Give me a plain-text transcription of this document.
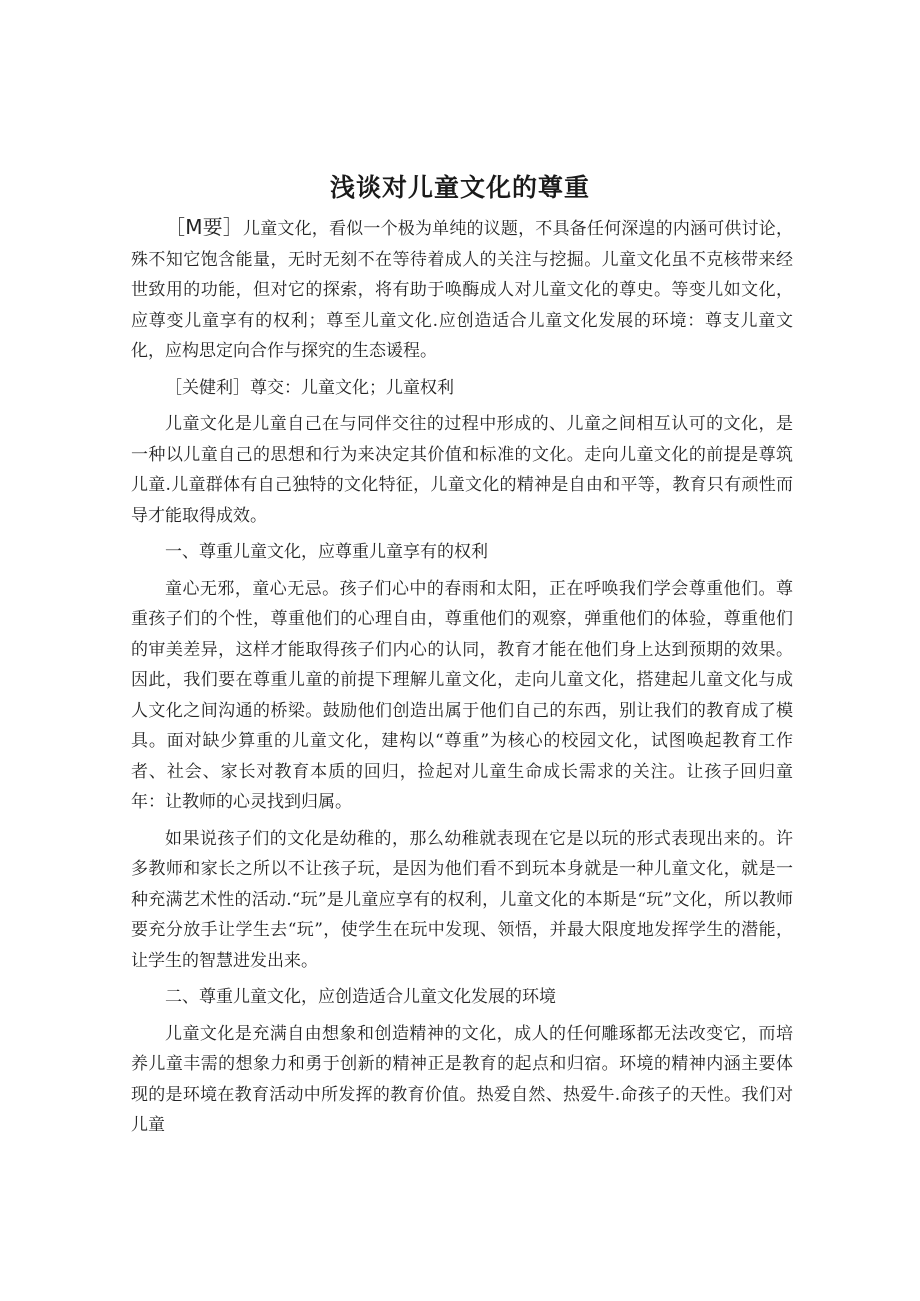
浅谈对儿童文化的尊重

［M要］儿童文化，看似一个极为单纯的议题，不具备任何深遑的内涵可供讨论，殊不知它饱含能量，无时无刻不在等待着成人的关注与挖掘。儿童文化虽不克核带来经世致用的功能，但对它的探索，将有助于唤酶成人对儿童文化的尊史。等变儿如文化，应尊变儿童享有的权利；尊至儿童文化.应创造适合儿童文化发展的环境：尊支儿童文化，应构思定向合作与探究的生态谖程。

［关健利］尊交：儿童文化；儿童权利

儿童文化是儿童自己在与同伴交往的过程中形成的、儿童之间相互认可的文化，是一种以儿童自己的思想和行为来决定其价值和标准的文化。走向儿童文化的前提是尊筑儿童.儿童群体有自己独特的文化特征，儿童文化的精神是自由和平等，教育只有顽性而导才能取得成效。

一、尊重儿童文化，应尊重儿童享有的权利

童心无邪，童心无忌。孩子们心中的春雨和太阳，正在呼唤我们学会尊重他们。尊重孩子们的个性，尊重他们的心理自由，尊重他们的观察，弹重他们的体验，尊重他们的审美差异，这样才能取得孩子们内心的认同，教育才能在他们身上达到预期的效果。因此，我们要在尊重儿童的前提下理解儿童文化，走向儿童文化，搭建起儿童文化与成人文化之间沟通的桥梁。鼓励他们创造出属于他们自己的东西，别让我们的教育成了模具。面对缺少算重的儿童文化，建构以“尊重”为核心的校园文化，试图唤起教育工作者、社会、家长对教育本质的回归，捡起对儿童生命成长需求的关注。让孩子回归童年：让教师的心灵找到归属。

如果说孩子们的文化是幼稚的，那么幼稚就表现在它是以玩的形式表现出来的。许多教师和家长之所以不让孩子玩，是因为他们看不到玩本身就是一种儿童文化，就是一种充满艺术性的活动.“玩”是儿童应享有的权利，儿童文化的本斯是“玩”文化，所以教师要充分放手让学生去“玩”，使学生在玩中发现、领悟，并最大限度地发挥学生的潜能，让学生的智慧进发出来。

二、尊重儿童文化，应创造适合儿童文化发展的环境

儿童文化是充满自由想象和创造精神的文化，成人的任何雕琢都无法改变它，而培养儿童丰需的想象力和勇于创新的精神正是教育的起点和归宿。环境的精神内涵主要体现的是环境在教育活动中所发挥的教育价值。热爱自然、热爱牛.命孩子的天性。我们对儿童
